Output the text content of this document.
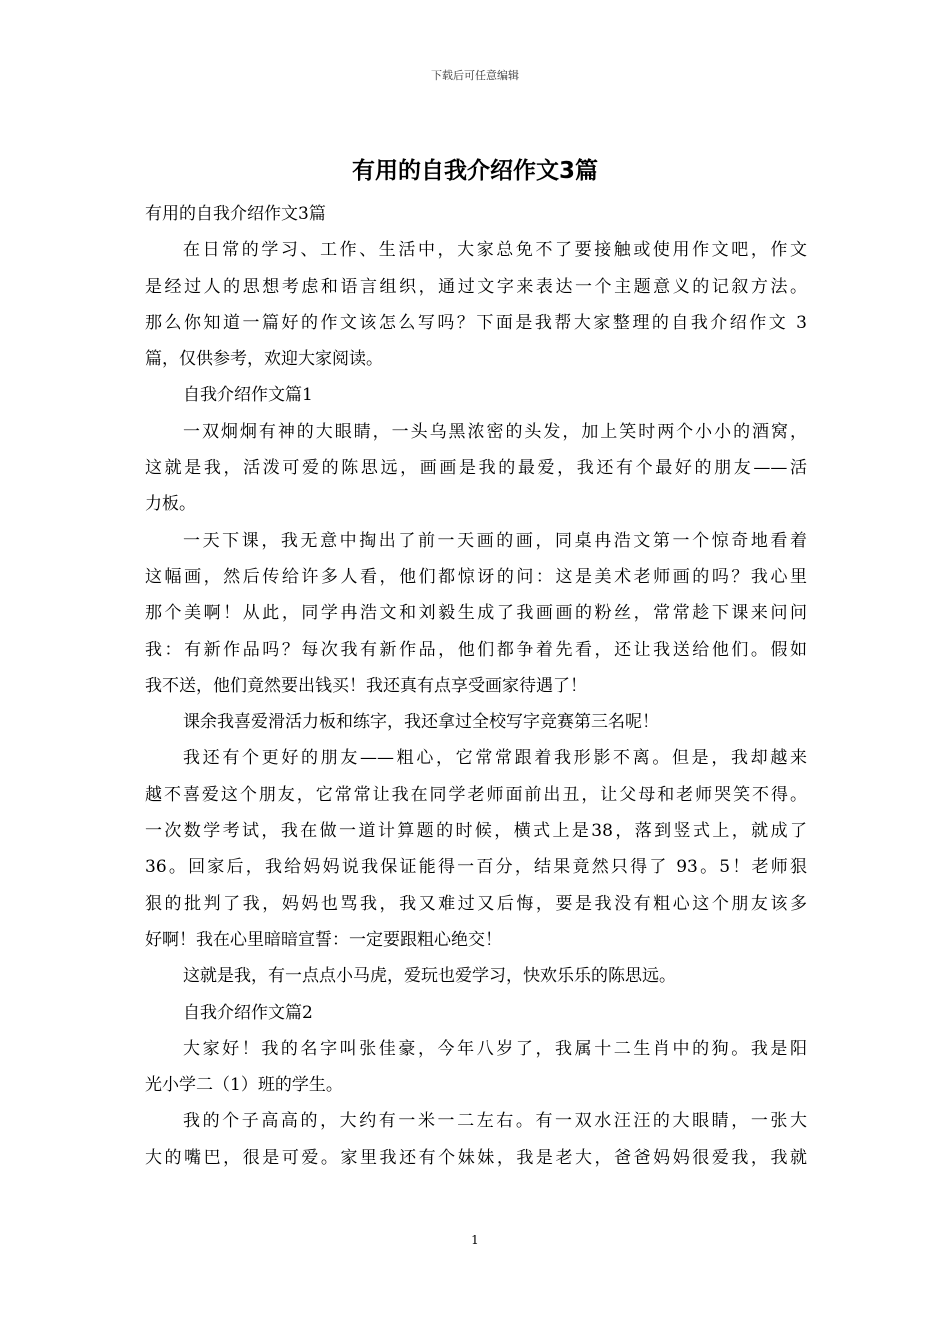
下载后可任意编辑
有用的自我介绍作文3篇
有用的自我介绍作文3篇
在日常的学习、工作、生活中，大家总免不了要接触或使用作文吧，作文
是经过人的思想考虑和语言组织，通过文字来表达一个主题意义的记叙方法。
那么你知道一篇好的作文该怎么写吗？下面是我帮大家整理的自我介绍作文 3
篇，仅供参考，欢迎大家阅读。
自我介绍作文篇1
一双炯炯有神的大眼睛，一头乌黑浓密的头发，加上笑时两个小小的酒窝，
这就是我，活泼可爱的陈思远，画画是我的最爱，我还有个最好的朋友——活
力板。
一天下课，我无意中掏出了前一天画的画，同桌冉浩文第一个惊奇地看着
这幅画，然后传给许多人看，他们都惊讶的问：这是美术老师画的吗？我心里
那个美啊！从此，同学冉浩文和刘毅生成了我画画的粉丝，常常趁下课来问问
我：有新作品吗？每次我有新作品，他们都争着先看，还让我送给他们。假如
我不送，他们竟然要出钱买！我还真有点享受画家待遇了！
课余我喜爱滑活力板和练字，我还拿过全校写字竞赛第三名呢！
我还有个更好的朋友——粗心，它常常跟着我形影不离。但是，我却越来
越不喜爱这个朋友，它常常让我在同学老师面前出丑，让父母和老师哭笑不得。
一次数学考试，我在做一道计算题的时候，横式上是38，落到竖式上，就成了
36。回家后，我给妈妈说我保证能得一百分，结果竟然只得了 93。5！老师狠
狠的批判了我，妈妈也骂我，我又难过又后悔，要是我没有粗心这个朋友该多
好啊！我在心里暗暗宣誓：一定要跟粗心绝交！
这就是我，有一点点小马虎，爱玩也爱学习，快欢乐乐的陈思远。
自我介绍作文篇2
大家好！我的名字叫张佳豪，今年八岁了，我属十二生肖中的狗。我是阳
光小学二（1）班的学生。
我的个子高高的，大约有一米一二左右。有一双水汪汪的大眼睛，一张大
大的嘴巴，很是可爱。家里我还有个妹妹，我是老大，爸爸妈妈很爱我，我就
1
